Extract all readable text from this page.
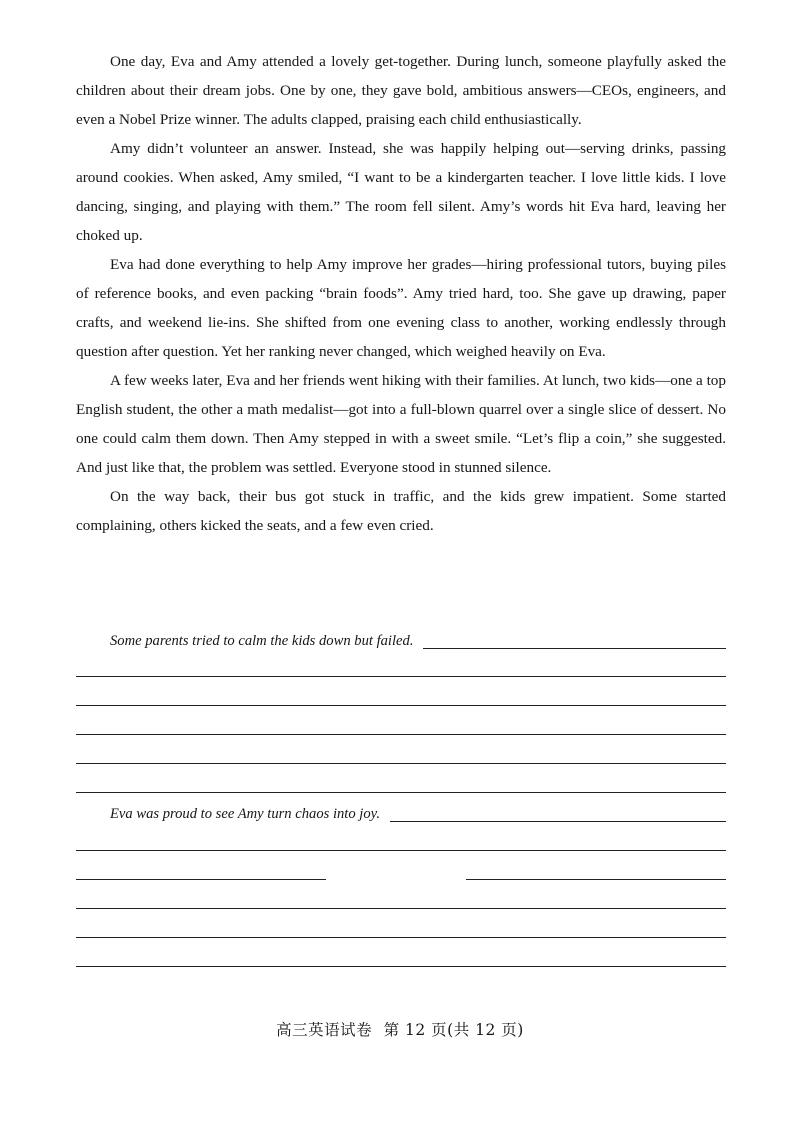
One day, Eva and Amy attended a lovely get-together. During lunch, someone playfully asked the children about their dream jobs. One by one, they gave bold, ambitious answers—CEOs, engineers, and even a Nobel Prize winner. The adults clapped, praising each child enthusiastically.

Amy didn’t volunteer an answer. Instead, she was happily helping out—serving drinks, passing around cookies. When asked, Amy smiled, “I want to be a kindergarten teacher. I love little kids. I love dancing, singing, and playing with them.” The room fell silent. Amy’s words hit Eva hard, leaving her choked up.

Eva had done everything to help Amy improve her grades—hiring professional tutors, buying piles of reference books, and even packing “brain foods”. Amy tried hard, too. She gave up drawing, paper crafts, and weekend lie-ins. She shifted from one evening class to another, working endlessly through question after question. Yet her ranking never changed, which weighed heavily on Eva.

A few weeks later, Eva and her friends went hiking with their families. At lunch, two kids—one a top English student, the other a math medalist—got into a full-blown quarrel over a single slice of dessert. No one could calm them down. Then Amy stepped in with a sweet smile. “Let’s flip a coin,” she suggested. And just like that, the problem was settled. Everyone stood in stunned silence.

On the way back, their bus got stuck in traffic, and the kids grew impatient. Some started complaining, others kicked the seats, and a few even cried.

Some parents tried to calm the kids down but failed.
Eva was proud to see Amy turn chaos into joy.
高三英语试卷 第 12 页(共 12 页)
